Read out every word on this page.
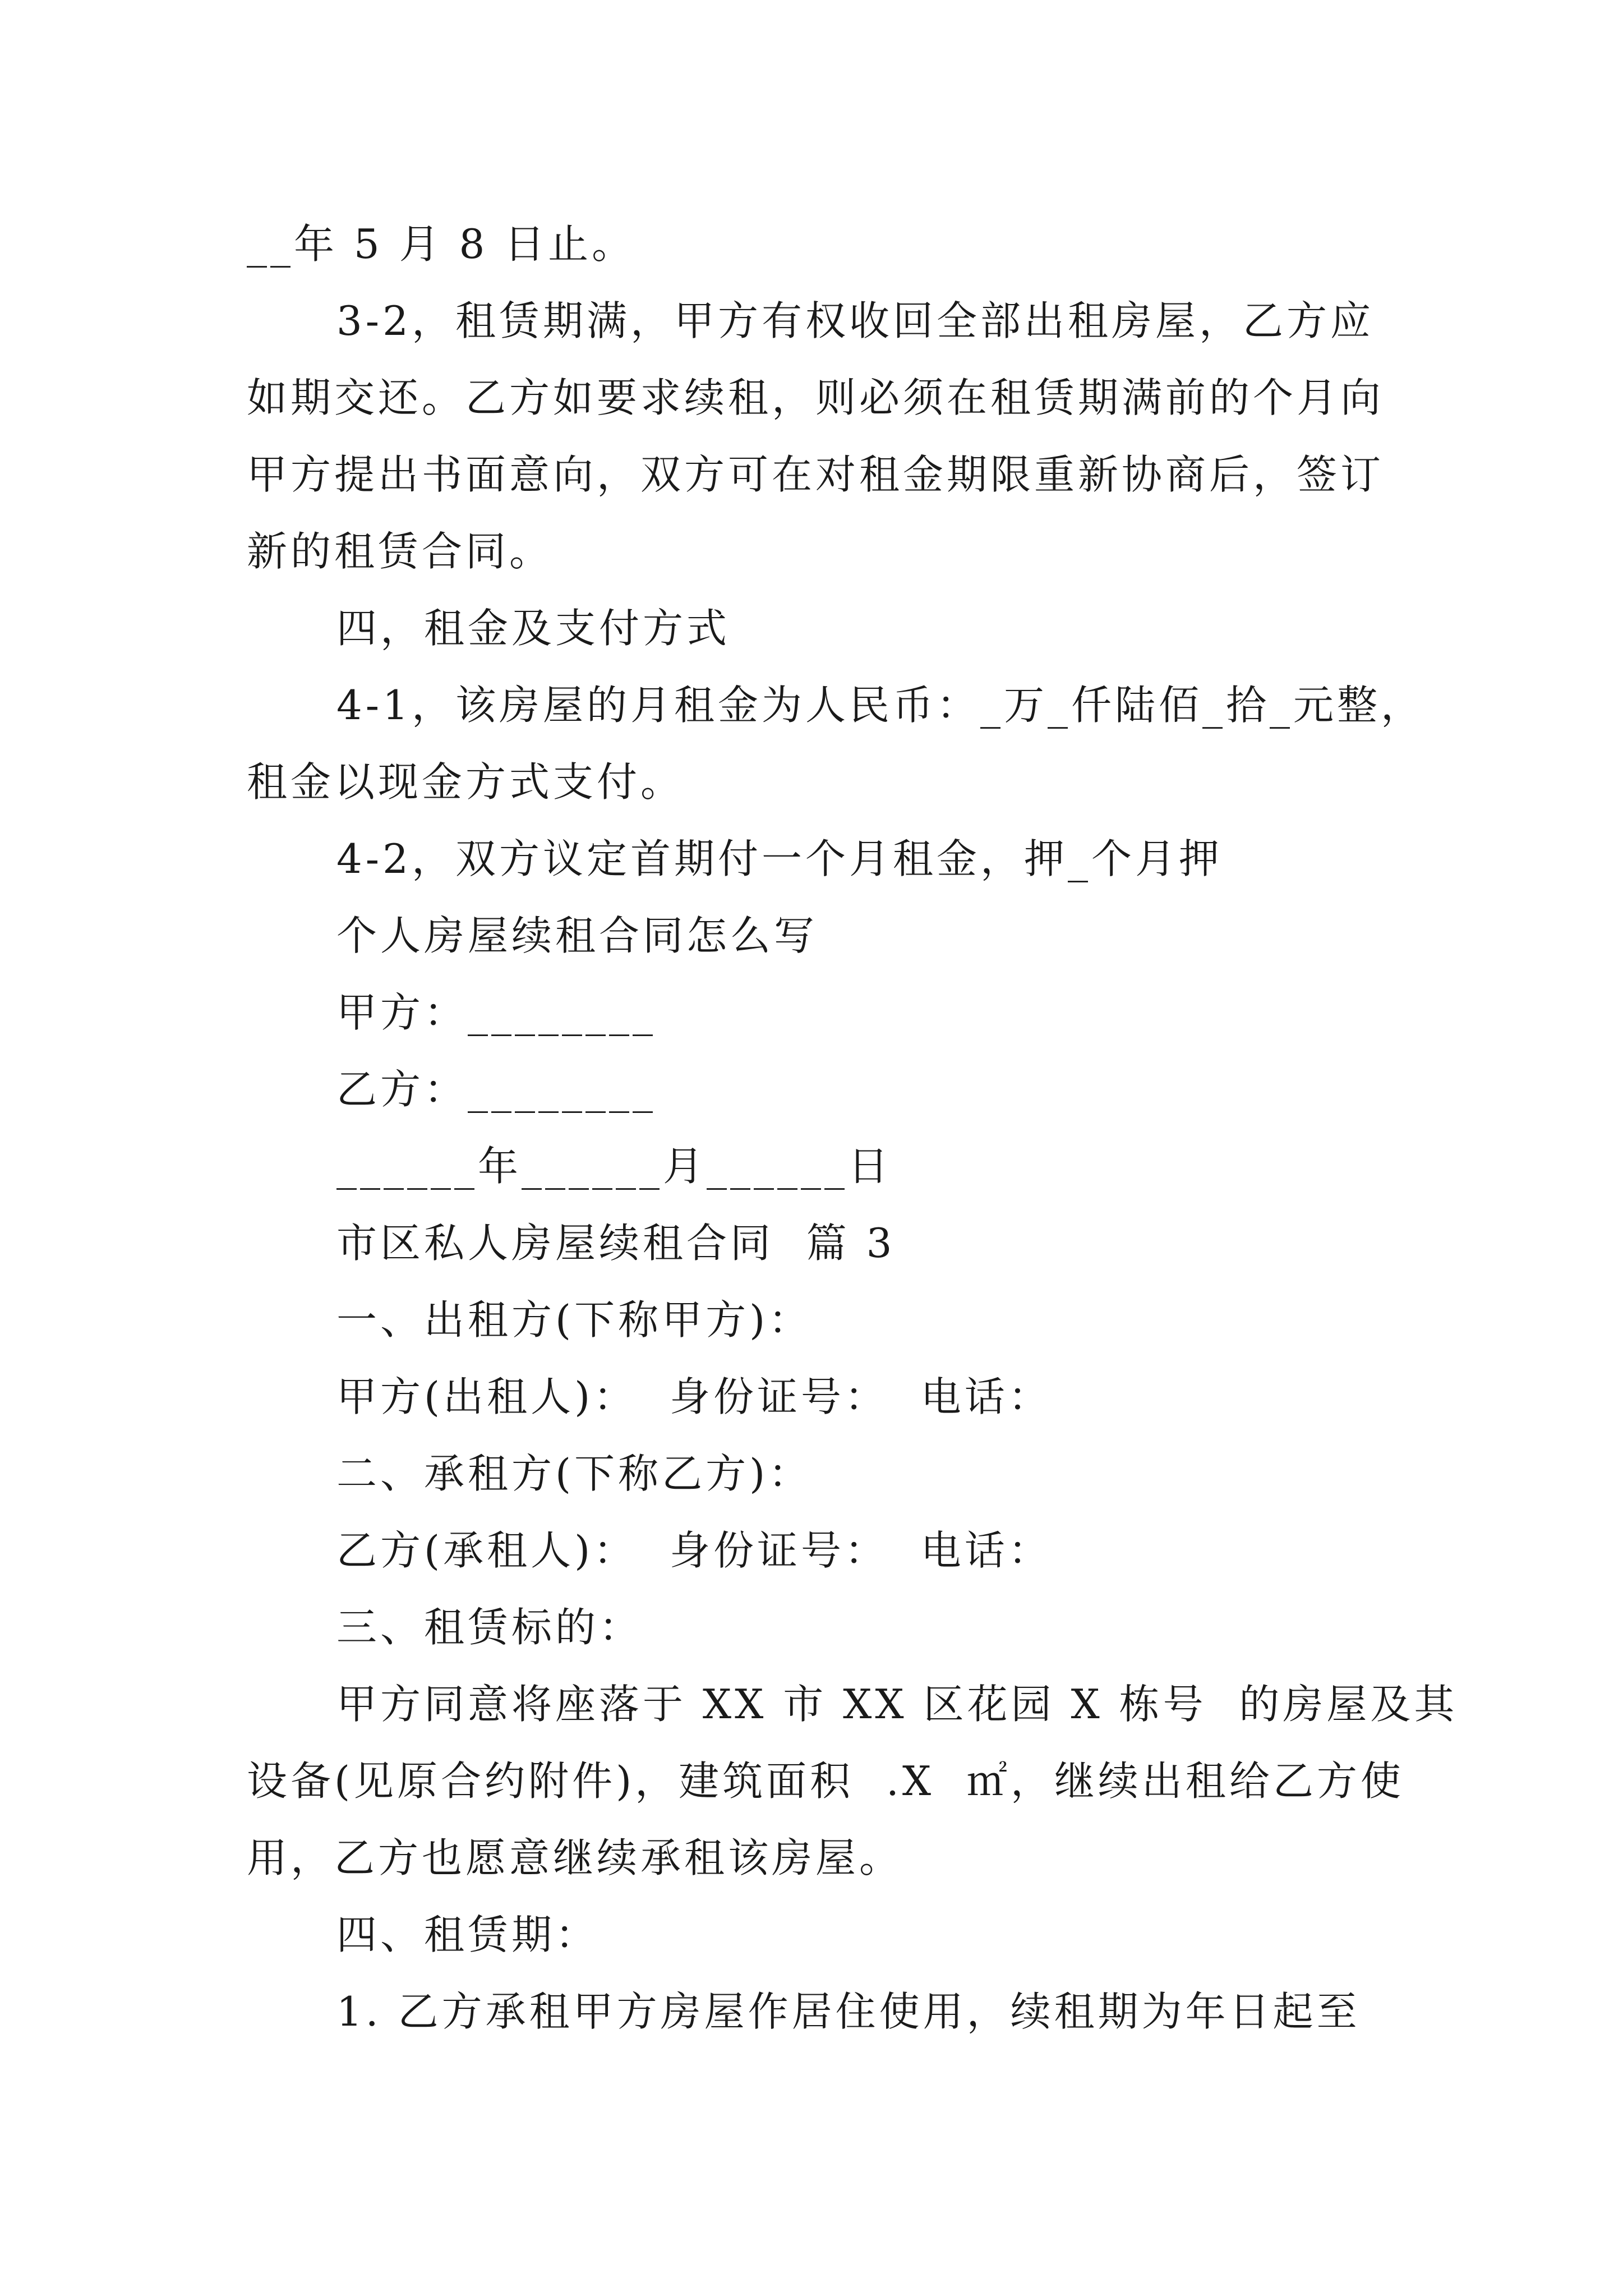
__年 5 月 8 日止。
3-2，租赁期满，甲方有权收回全部出租房屋，乙方应
如期交还。乙方如要求续租，则必须在租赁期满前的个月向
甲方提出书面意向，双方可在对租金期限重新协商后，签订
新的租赁合同。
四，租金及支付方式
4-1，该房屋的月租金为人民币：_万_仟陆佰_拾_元整，
租金以现金方式支付。
4-2，双方议定首期付一个月租金，押_个月押
个人房屋续租合同怎么写
甲方：________
乙方：________
______年______月______日
市区私人房屋续租合同  篇 3
一、出租方(下称甲方)：
甲方(出租人)：  身份证号：  电话：
二、承租方(下称乙方)：
乙方(承租人)：  身份证号：  电话：
三、租赁标的：
甲方同意将座落于 XX 市 XX 区花园 X 栋号  的房屋及其
设备(见原合约附件)，建筑面积  .X  ㎡，继续出租给乙方使
用，乙方也愿意继续承租该房屋。
四、租赁期：
1. 乙方承租甲方房屋作居住使用，续租期为年日起至
